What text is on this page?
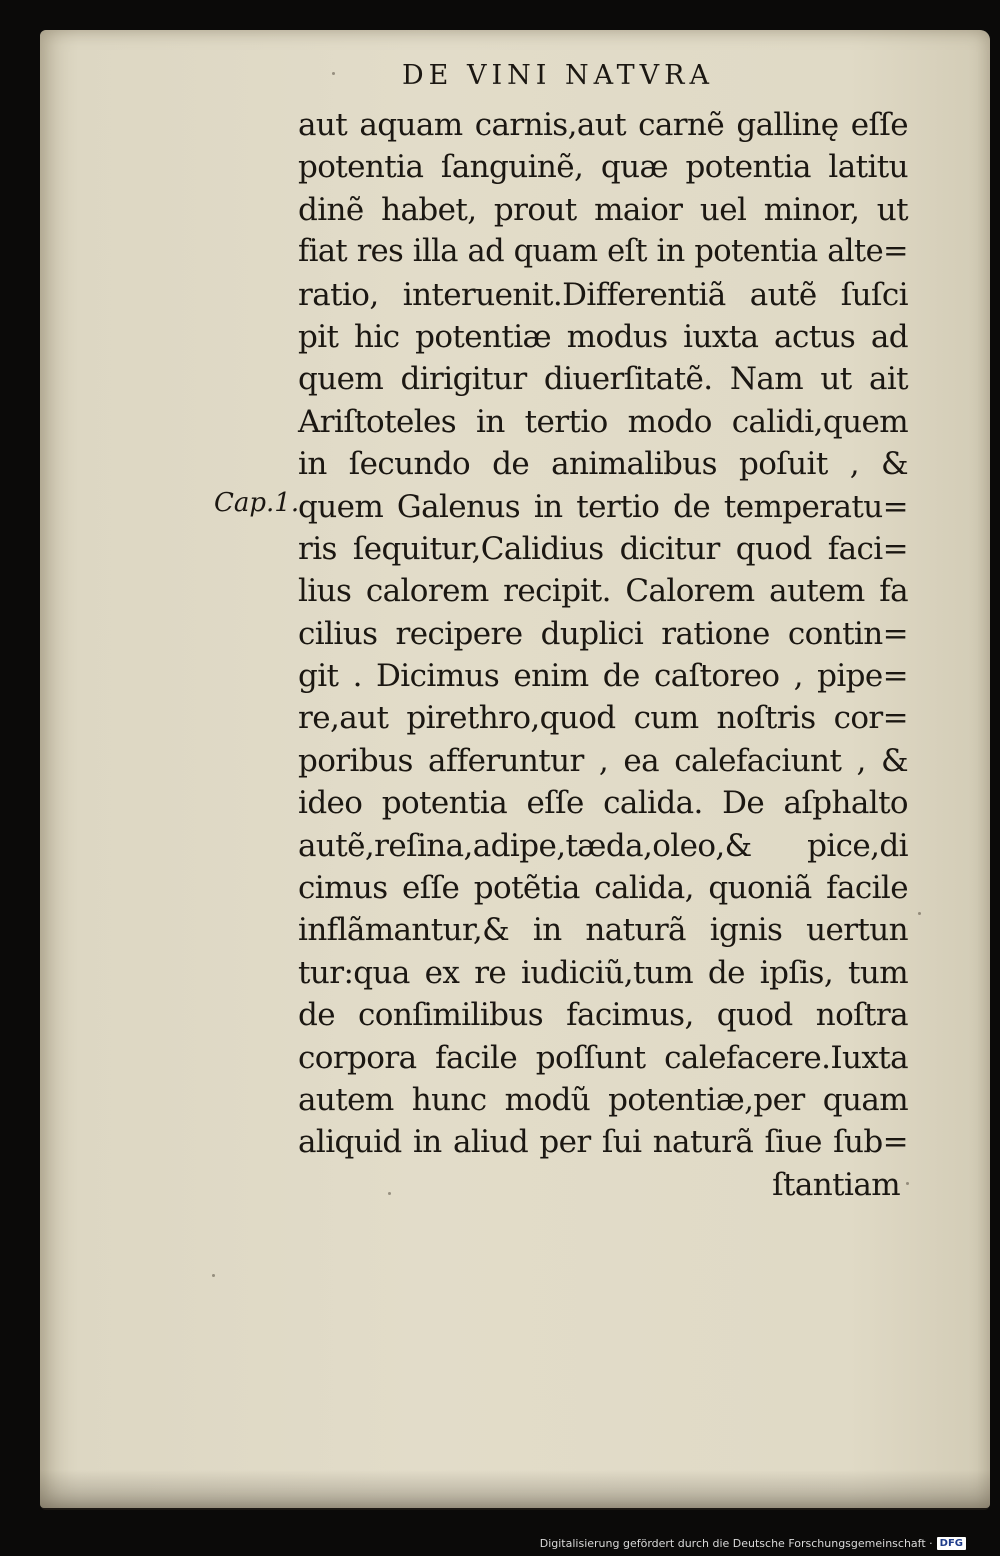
DE VINI NATVRA
Cap.1.
aut aquam carnis,aut carnẽ gallinę eſſe
potentia ſanguinẽ, quæ potentia latitu
dinẽ habet, prout maior uel minor, ut
fiat res illa ad quam eſt in potentia alte=
ratio, interuenit.Differentiã autẽ ſuſci
pit hic potentiæ modus iuxta actus ad
quem dirigitur diuerſitatẽ. Nam ut ait
Ariſtoteles in tertio modo calidi,quem
in ſecundo de animalibus poſuit , &
quem Galenus in tertio de temperatu=
ris ſequitur,Calidius dicitur quod faci=
lius calorem recipit. Calorem autem fa
cilius recipere duplici ratione contin=
git . Dicimus enim de caſtoreo , pipe=
re,aut pirethro,quod cum noſtris cor=
poribus afferuntur , ea calefaciunt , &
ideo potentia eſſe calida. De aſphalto
autẽ,reſina,adipe,tæda,oleo,& pice,di
cimus eſſe potẽtia calida, quoniã facile
inflãmantur,& in naturã ignis uertun
tur:qua ex re iudiciũ,tum de ipſis, tum
de conſimilibus facimus, quod noſtra
corpora facile poſſunt calefacere.Iuxta
autem hunc modũ potentiæ,per quam
aliquid in aliud per ſui naturã ſiue ſub=
ſtantiam
Digitalisierung gefördert durch die Deutsche Forschungsgemeinschaft · DFG
